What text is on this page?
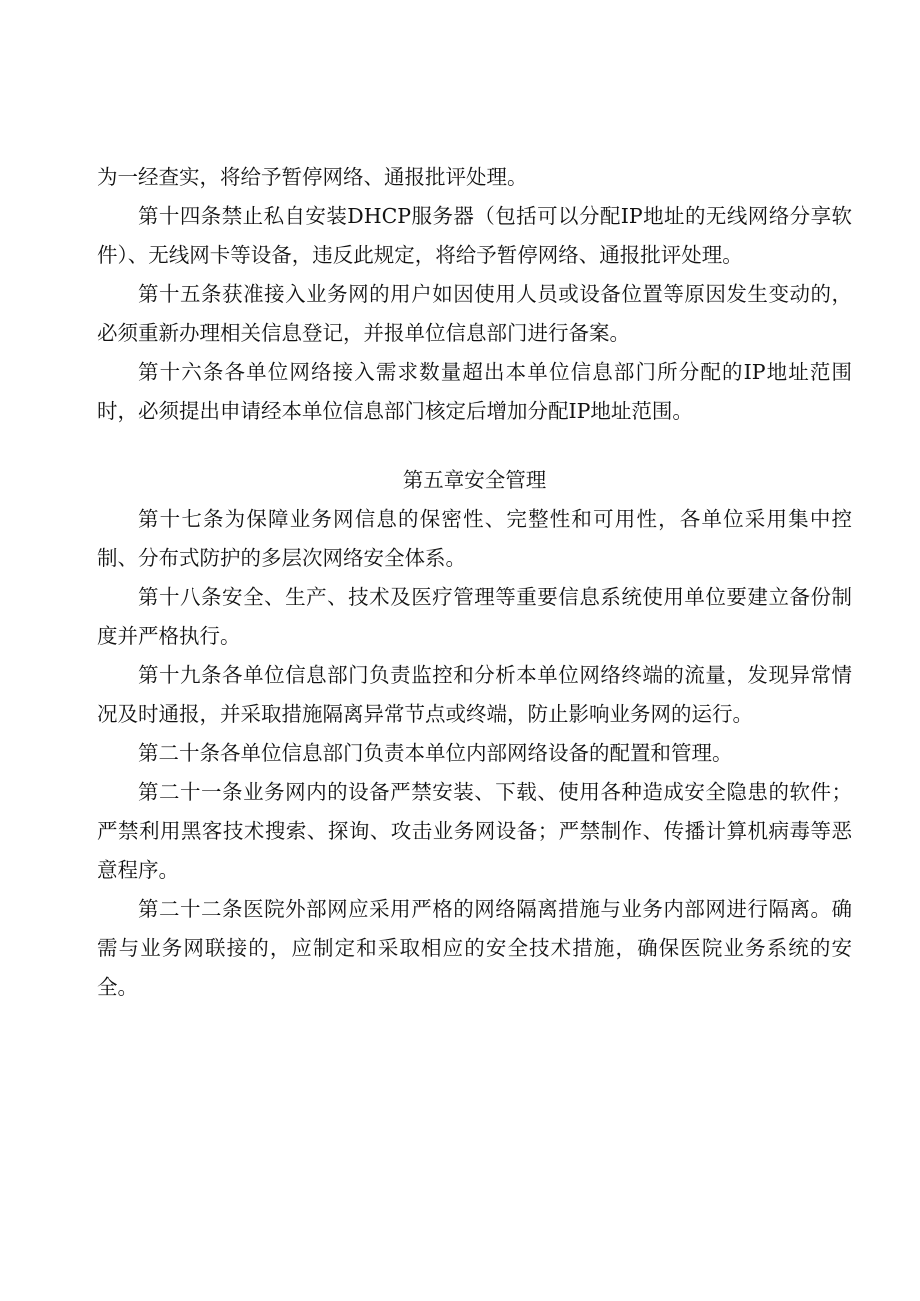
为一经查实，将给予暂停网络、通报批评处理。

第十四条禁止私自安装DHCP服务器（包括可以分配IP地址的无线网络分享软件）、无线网卡等设备，违反此规定，将给予暂停网络、通报批评处理。

第十五条获准接入业务网的用户如因使用人员或设备位置等原因发生变动的，必须重新办理相关信息登记，并报单位信息部门进行备案。

第十六条各单位网络接入需求数量超出本单位信息部门所分配的IP地址范围时，必须提出申请经本单位信息部门核定后增加分配IP地址范围。

第五章安全管理

第十七条为保障业务网信息的保密性、完整性和可用性，各单位采用集中控制、分布式防护的多层次网络安全体系。

第十八条安全、生产、技术及医疗管理等重要信息系统使用单位要建立备份制度并严格执行。

第十九条各单位信息部门负责监控和分析本单位网络终端的流量，发现异常情况及时通报，并采取措施隔离异常节点或终端，防止影响业务网的运行。

第二十条各单位信息部门负责本单位内部网络设备的配置和管理。

第二十一条业务网内的设备严禁安装、下载、使用各种造成安全隐患的软件；严禁利用黑客技术搜索、探询、攻击业务网设备；严禁制作、传播计算机病毒等恶意程序。

第二十二条医院外部网应采用严格的网络隔离措施与业务内部网进行隔离。确需与业务网联接的，应制定和采取相应的安全技术措施，确保医院业务系统的安全。
